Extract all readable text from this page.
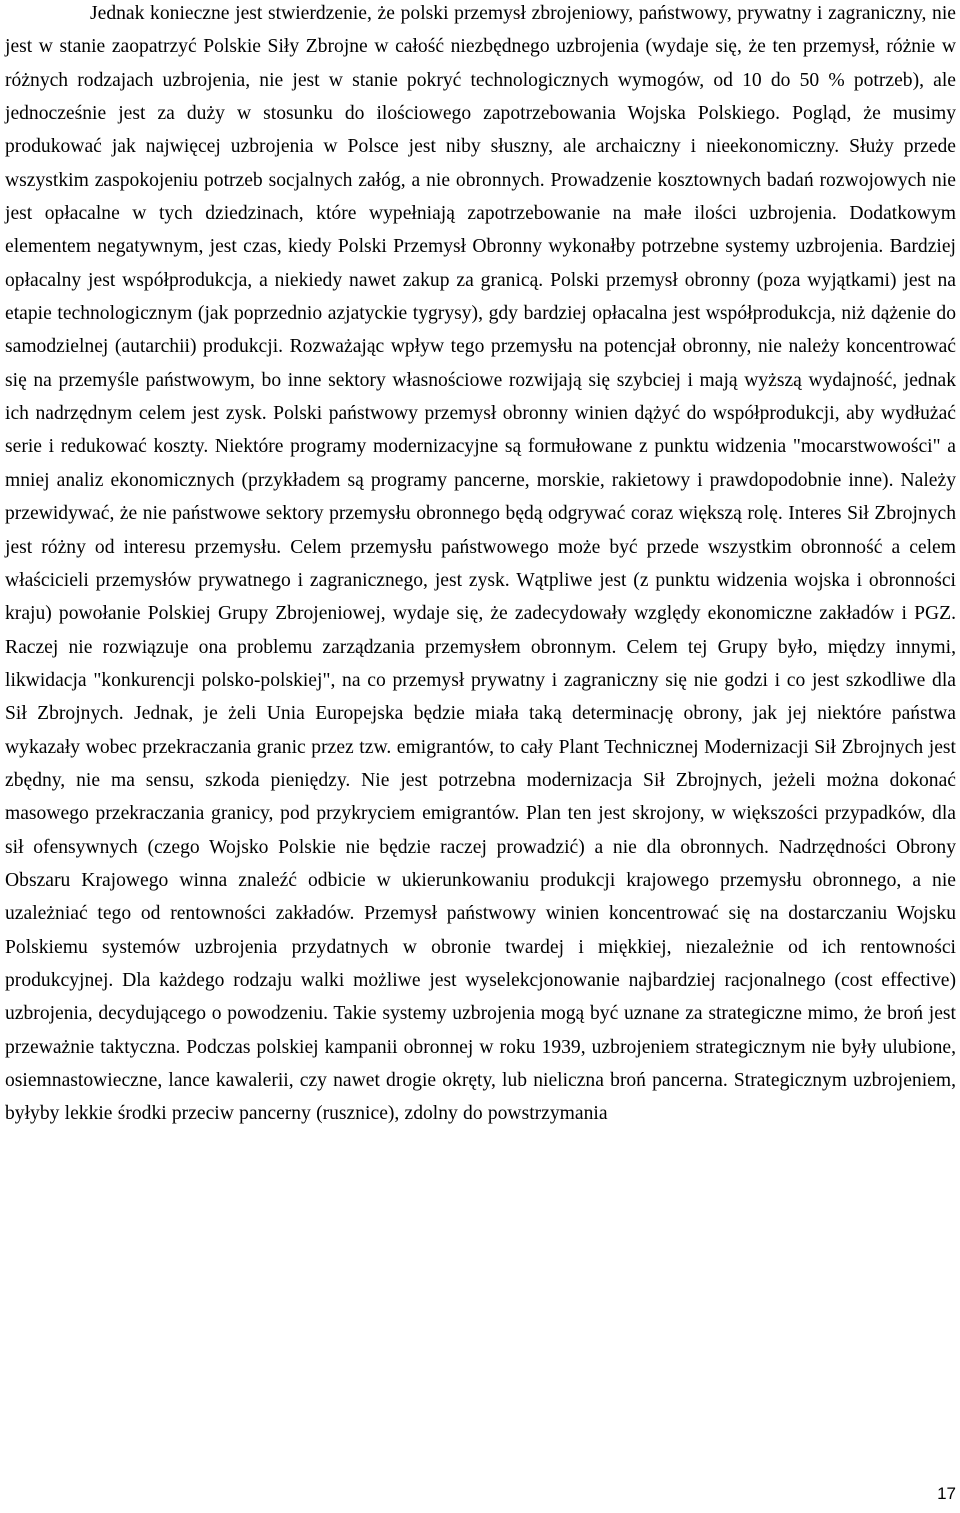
Jednak konieczne jest stwierdzenie, że polski przemysł zbrojeniowy, państwowy, prywatny i zagraniczny, nie jest w stanie zaopatrzyć Polskie Siły Zbrojne w całość niezbędnego uzbrojenia (wydaje się, że ten przemysł, różnie w różnych rodzajach uzbrojenia, nie jest w stanie pokryć technologicznych wymogów, od 10 do 50 % potrzeb), ale jednocześnie jest za duży w stosunku do ilościowego zapotrzebowania Wojska Polskiego. Pogląd, że musimy produkować jak najwięcej uzbrojenia w Polsce jest niby słuszny, ale archaiczny i nieekonomiczny. Służy przede wszystkim zaspokojeniu potrzeb socjalnych załóg, a nie obronnych. Prowadzenie kosztownych badań rozwojowych nie jest opłacalne w tych dziedzinach, które wypełniają zapotrzebowanie na małe ilości uzbrojenia. Dodatkowym elementem negatywnym, jest czas, kiedy Polski Przemysł Obronny wykonałby potrzebne systemy uzbrojenia. Bardziej opłacalny jest współprodukcja, a niekiedy nawet zakup za granicą. Polski przemysł obronny (poza wyjątkami) jest na etapie technologicznym (jak poprzednio azjatyckie tygrysy), gdy bardziej opłacalna jest współprodukcja, niż dążenie do samodzielnej (autarchii) produkcji. Rozważając wpływ tego przemysłu na potencjał obronny, nie należy koncentrować się na przemyśle państwowym, bo inne sektory własnościowe rozwijają się szybciej i mają wyższą wydajność, jednak ich nadrzędnym celem jest zysk. Polski państwowy przemysł obronny winien dążyć do współprodukcji, aby wydłużać serie i redukować koszty. Niektóre programy modernizacyjne są formułowane z punktu widzenia "mocarstwowości" a mniej analiz ekonomicznych (przykładem są programy pancerne, morskie, rakietowy i prawdopodobnie inne). Należy przewidywać, że nie państwowe sektory przemysłu obronnego będą odgrywać coraz większą rolę. Interes Sił Zbrojnych jest różny od interesu przemysłu. Celem przemysłu państwowego może być przede wszystkim obronność a celem właścicieli przemysłów prywatnego i zagranicznego, jest zysk. Wątpliwe jest (z punktu widzenia wojska i obronności kraju) powołanie Polskiej Grupy Zbrojeniowej, wydaje się, że zadecydowały względy ekonomiczne zakładów i PGZ. Raczej nie rozwiązuje ona problemu zarządzania przemysłem obronnym. Celem tej Grupy było, między innymi, likwidacja "konkurencji polsko-polskiej", na co przemysł prywatny i zagraniczny się nie godzi i co jest szkodliwe dla Sił Zbrojnych. Jednak, je żeli Unia Europejska będzie miała taką determinację obrony, jak jej niektóre państwa wykazały wobec przekraczania granic przez tzw. emigrantów, to cały Plant Technicznej Modernizacji Sił Zbrojnych jest zbędny, nie ma sensu, szkoda pieniędzy. Nie jest potrzebna modernizacja Sił Zbrojnych, jeżeli można dokonać masowego przekraczania granicy, pod przykryciem emigrantów. Plan ten jest skrojony, w większości przypadków, dla sił ofensywnych (czego Wojsko Polskie nie będzie raczej prowadzić) a nie dla obronnych. Nadrzędności Obrony Obszaru Krajowego winna znaleźć odbicie w ukierunkowaniu produkcji krajowego przemysłu obronnego, a nie uzależniać tego od rentowności zakładów. Przemysł państwowy winien koncentrować się na dostarczaniu Wojsku Polskiemu systemów uzbrojenia przydatnych w obronie twardej i miękkiej, niezależnie od ich rentowności produkcyjnej. Dla każdego rodzaju walki możliwe jest wyselekcjonowanie najbardziej racjonalnego (cost effective) uzbrojenia, decydującego o powodzeniu. Takie systemy uzbrojenia mogą być uznane za strategiczne mimo, że broń jest przeważnie taktyczna. Podczas polskiej kampanii obronnej w roku 1939, uzbrojeniem strategicznym nie były ulubione, osiemnastowieczne, lance kawalerii, czy nawet drogie okręty, lub nieliczna broń pancerna. Strategicznym uzbrojeniem, byłyby lekkie środki przeciw pancerny (rusznice), zdolny do powstrzymania

17
